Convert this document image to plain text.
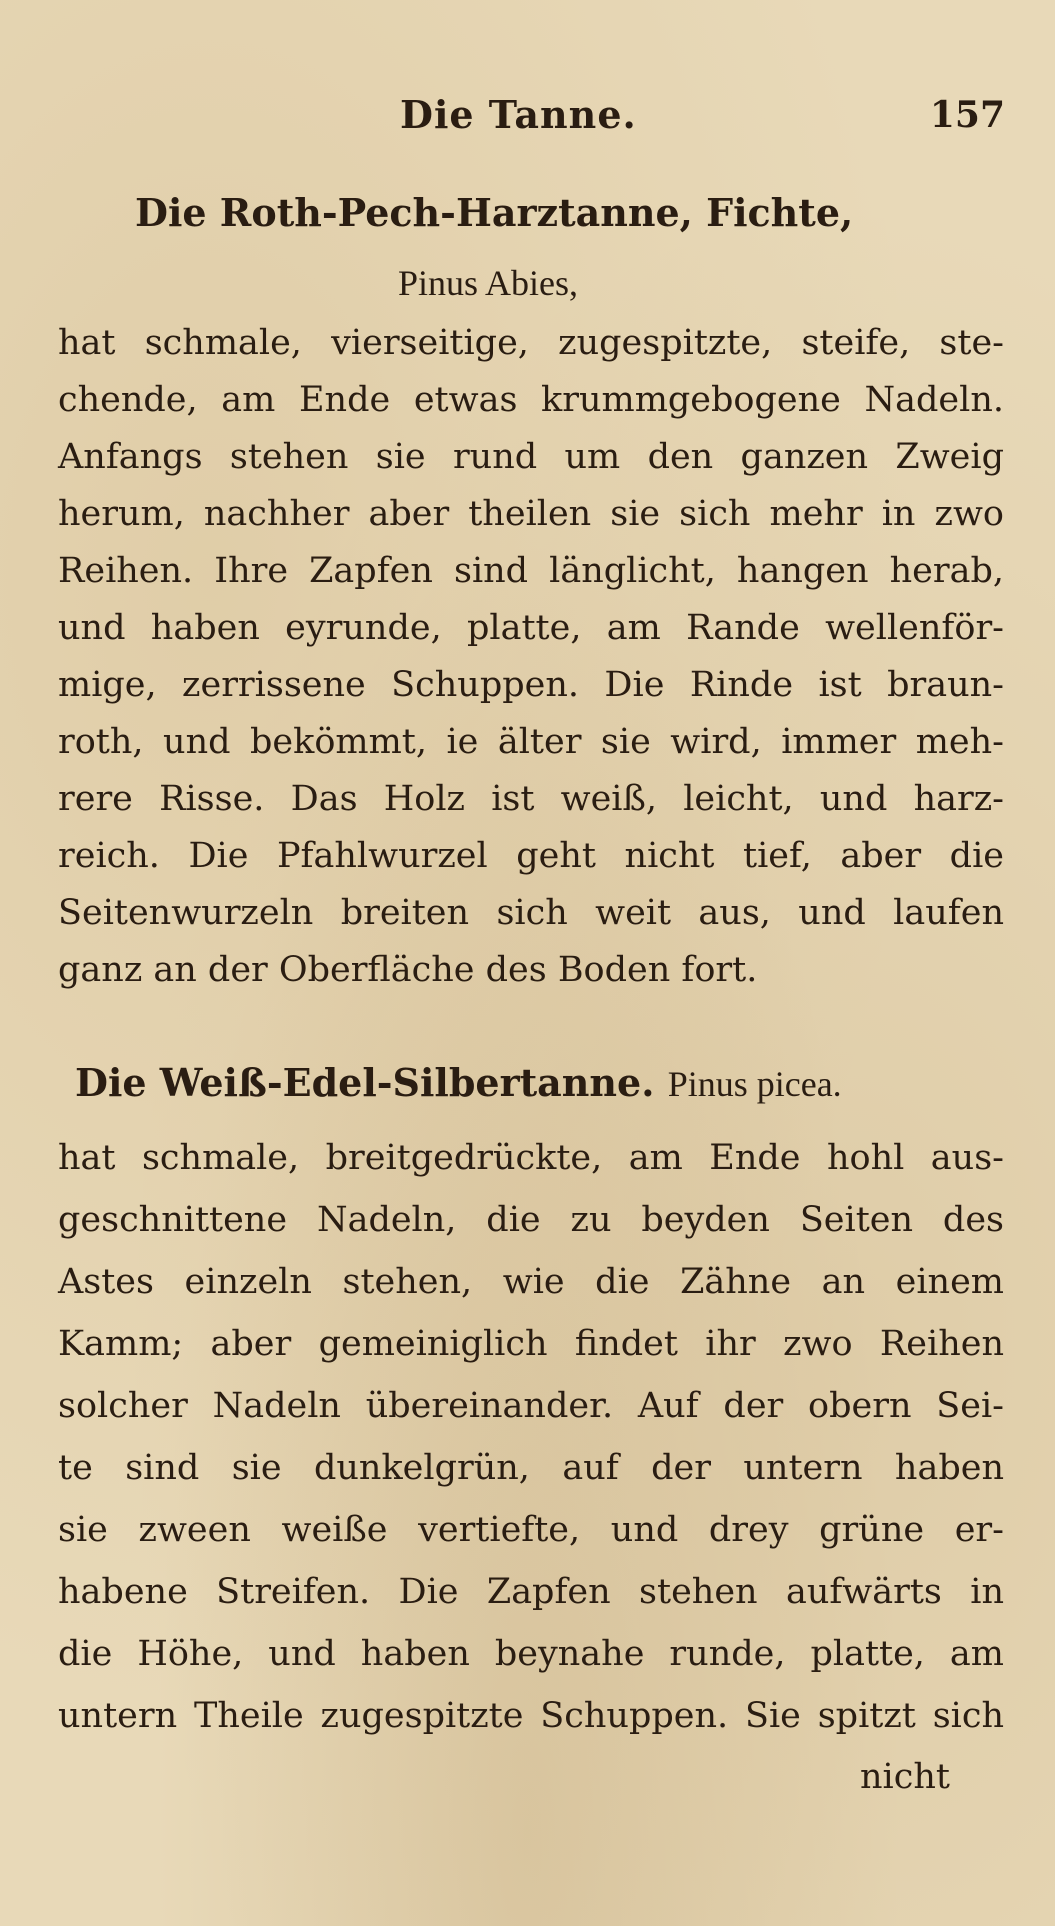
Die Tanne.	157
Die Roth-Pech-Harztanne, Fichte,
Pinus Abies,
hat schmale, vierseitige, zugespitzte, steife, ste-
chende, am Ende etwas krummgebogene Nadeln.
Anfangs stehen sie rund um den ganzen Zweig
herum, nachher aber theilen sie sich mehr in zwo
Reihen. Ihre Zapfen sind länglicht, hangen herab,
und haben eyrunde, platte, am Rande wellenför-
mige, zerrissene Schuppen. Die Rinde ist braun-
roth, und bekömmt, ie älter sie wird, immer meh-
rere Risse. Das Holz ist weiß, leicht, und harz-
reich. Die Pfahlwurzel geht nicht tief, aber die
Seitenwurzeln breiten sich weit aus, und laufen
ganz an der Oberfläche des Boden fort.
Die Weiß-Edel-Silbertanne. Pinus picea.
hat schmale, breitgedrückte, am Ende hohl aus-
geschnittene Nadeln, die zu beyden Seiten des
Astes einzeln stehen, wie die Zähne an einem
Kamm; aber gemeiniglich findet ihr zwo Reihen
solcher Nadeln übereinander. Auf der obern Sei-
te sind sie dunkelgrün, auf der untern haben
sie zween weiße vertiefte, und drey grüne er-
habene Streifen. Die Zapfen stehen aufwärts in
die Höhe, und haben beynahe runde, platte, am
untern Theile zugespitzte Schuppen. Sie spitzt sich
nicht
